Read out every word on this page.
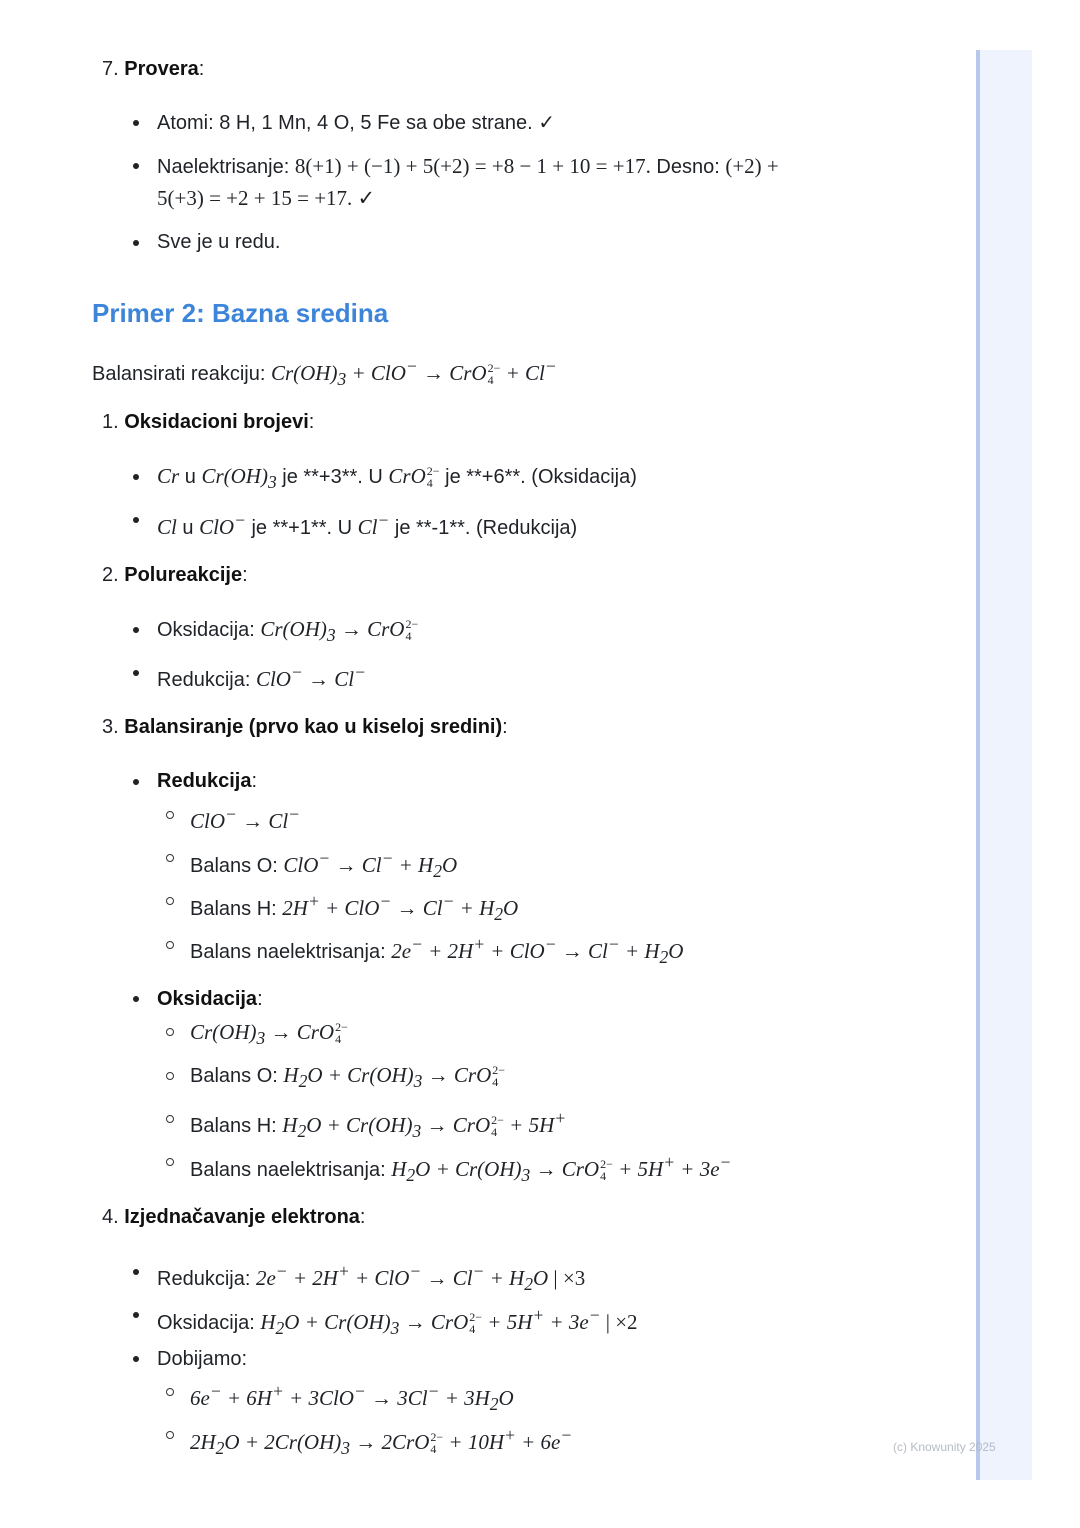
(c) Knowunity 2025
7. Provera:
Atomi: 8 H, 1 Mn, 4 O, 5 Fe sa obe strane. ✓
Naelektrisanje: 8(+1) + (−1) + 5(+2) = +8 − 1 + 10 = +17. Desno: (+2) +
5(+3) = +2 + 15 = +17. ✓
Sve je u redu.
Primer 2: Bazna sredina
Balansirati reakciju: $Cr(OH)_3 + ClO^-$ → CrO 2−
4 + Cl−
1. Oksidacioni brojevi:
Cr u $Cr(OH)_3$ je **+3**. U CrO 2−
4 je **+6**. (Oksidacija)
Cl u ClO− je **+1**. U Cl− je **-1**. (Redukcija)
2. Polureakcije:
Oksidacija: $Cr(OH)_3$ → CrO 2−
4
Redukcija: ClO− → Cl−
3. Balansiranje (prvo kao u kiseloj sredini):
Redukcija:
ClO− → Cl−
Balans O: $ClO^- \to Cl^- + H_2O$
Balans H: $2H^+ + ClO^- \to Cl^- + H_2O$
Balans naelektrisanja: $2e^- + 2H^+ + ClO^- \to Cl^- + H_2O$
Oksidacija:
$Cr(OH)_3$ → CrO 2−
4
Balans O: $H_2O + Cr(OH)_3$ → CrO 2−
4
Balans H: $H_2O + Cr(OH)_3$ → CrO 2−
4 + 5H+
Balans naelektrisanja: $H_2O + Cr(OH)_3$ → CrO 2−
4 + 5H+ + 3e−
4. Izjednačavanje elektrona:
Redukcija: $2e^- + 2H^+ + ClO^- \to Cl^- + H_2O$ | ×3
Oksidacija: $H_2O + Cr(OH)_3$ → CrO 2−
4 + 5H+ + 3e− | ×2
Dobijamo:
$6e^- + 6H^+ + 3ClO^- \to 3Cl^- + 3H_2O$
$2H_2O + 2Cr(OH)_3 \to 2CrO$ 2−
4 + 10H+ + 6e−
